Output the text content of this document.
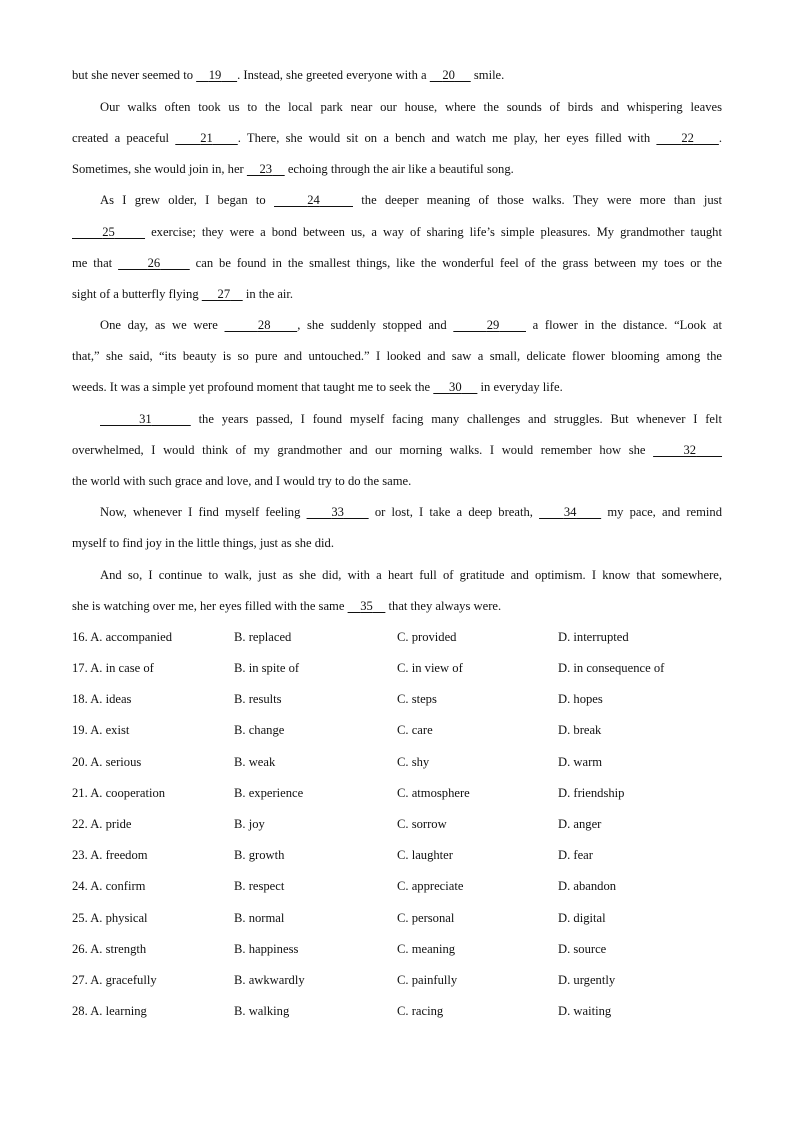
but she never seemed to     19 . Instead, she greeted everyone with a     20      smile.
Our walks often took us to the local park near our house, where the sounds of birds and whispering leaves
created a peaceful     21 . There, she would sit on a bench and watch me play, her eyes filled with     22 .
Sometimes, she would join in, her     23     echoing through the air like a beautiful song.
As I grew older, I began to	24	the deeper meaning of those walks. They were more than just
25      exercise; they were a bond between us, a way of sharing life’s simple pleasures. My grandmother taught
me that      26      can be found in the smallest things, like the wonderful feel of the grass between my toes or the
sight of a butterfly flying      27     in the air.
One day, as we were	28 , she suddenly stopped and	29     a flower in the distance. “Look at
that,” she said, “its beauty is so pure and untouched.” I looked and saw a small, delicate flower blooming among the
weeds. It was a simple yet profound moment that taught me to seek the      30      in everyday life.
31	the years passed, I found myself facing many challenges and struggles. But whenever I felt
overwhelmed, I would think of my grandmother and our morning walks. I would remember how she     32
the world with such grace and love, and I would try to do the same.
Now, whenever I find myself feeling     33     or lost, I take a deep breath,     34     my pace, and remind
myself to find joy in the little things, just as she did.
And so, I continue to walk, just as she did, with a heart full of gratitude and optimism. I know that somewhere,
she is watching over me, her eyes filled with the same     35     that they always were.
16. A. accompanied	B. replaced	C. provided	D. interrupted
17. A. in case of	B. in spite of	C. in view of	D. in consequence of
18. A. ideas	B. results	C. steps	D. hopes
19. A. exist	B. change	C. care	D. break
20. A. serious	B. weak	C. shy	D. warm
21. A. cooperation	B. experience	C. atmosphere	D. friendship
22. A. pride	B. joy	C. sorrow	D. anger
23. A. freedom	B. growth	C. laughter	D. fear
24. A. confirm	B. respect	C. appreciate	D. abandon
25. A. physical	B. normal	C. personal	D. digital
26. A. strength	B. happiness	C. meaning	D. source
27. A. gracefully	B. awkwardly	C. painfully	D. urgently
28. A. learning	B. walking	C. racing	D. waiting
